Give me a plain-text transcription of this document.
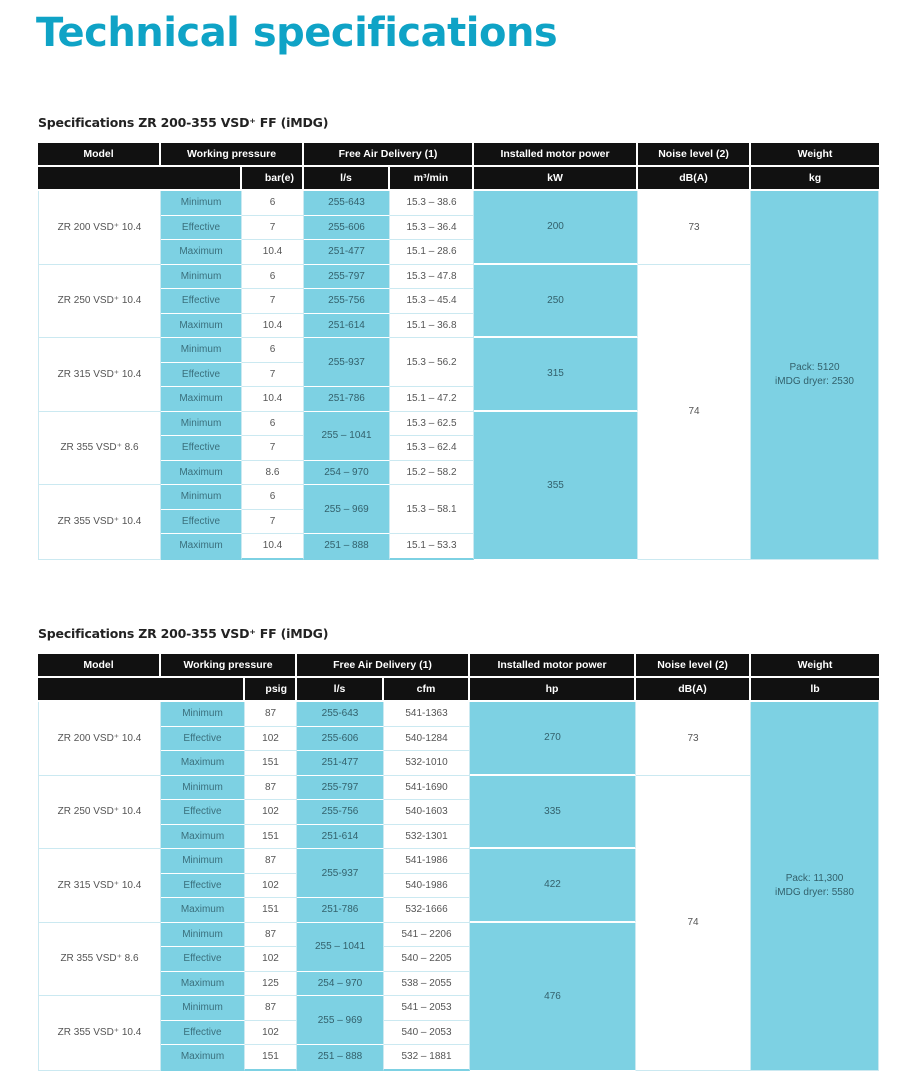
Technical specifications
Specifications ZR 200-355 VSD⁺ FF (iMDG)
Model	Working pressure		Free Air Delivery (1)		Installed motor power	Noise level (2)	Weight
		bar(e)	l/s	m³/min	kW	dB(A)	kg
ZR 200 VSD⁺ 10.4	Minimum	6	255-643	15.3 – 38.6	200	73	Pack: 5120
iMDG dryer: 2530

	Effective	7	255-606	15.3 – 36.4			
	Maximum	10.4	251-477	15.1 – 28.6			
ZR 250 VSD⁺ 10.4	Minimum	6	255-797	15.3 – 47.8	250	74	
	Effective	7	255-756	15.3 – 45.4			
	Maximum	10.4	251-614	15.1 – 36.8			
ZR 315 VSD⁺ 10.4	Minimum	6	255-937	15.3 – 56.2	315		
	Effective	7					
	Maximum	10.4	251-786	15.1 – 47.2			
ZR 355 VSD⁺ 8.6	Minimum	6	255 – 1041	15.3 – 62.5	355		
	Effective	7		15.3 – 62.4			
	Maximum	8.6	254 – 970	15.2 – 58.2			
ZR 355 VSD⁺ 10.4	Minimum	6	255 – 969	15.3 – 58.1			
	Effective	7					
	Maximum	10.4	251 – 888	15.1 – 53.3			
Specifications ZR 200-355 VSD⁺ FF (iMDG)
Model	Working pressure		Free Air Delivery (1)		Installed motor power	Noise level (2)	Weight
		psig	l/s	cfm	hp	dB(A)	lb
ZR 200 VSD⁺ 10.4	Minimum	87	255-643	541-1363	270	73	Pack: 11,300
iMDG dryer: 5580

	Effective	102	255-606	540-1284			
	Maximum	151	251-477	532-1010			
ZR 250 VSD⁺ 10.4	Minimum	87	255-797	541-1690	335	74	
	Effective	102	255-756	540-1603			
	Maximum	151	251-614	532-1301			
ZR 315 VSD⁺ 10.4	Minimum	87	255-937	541-1986	422		
	Effective	102		540-1986			
	Maximum	151	251-786	532-1666			
ZR 355 VSD⁺ 8.6	Minimum	87	255 – 1041	541 – 2206	476		
	Effective	102		540 – 2205			
	Maximum	125	254 – 970	538 – 2055			
ZR 355 VSD⁺ 10.4	Minimum	87	255 – 969	541 – 2053			
	Effective	102		540 – 2053			
	Maximum	151	251 – 888	532 – 1881			
